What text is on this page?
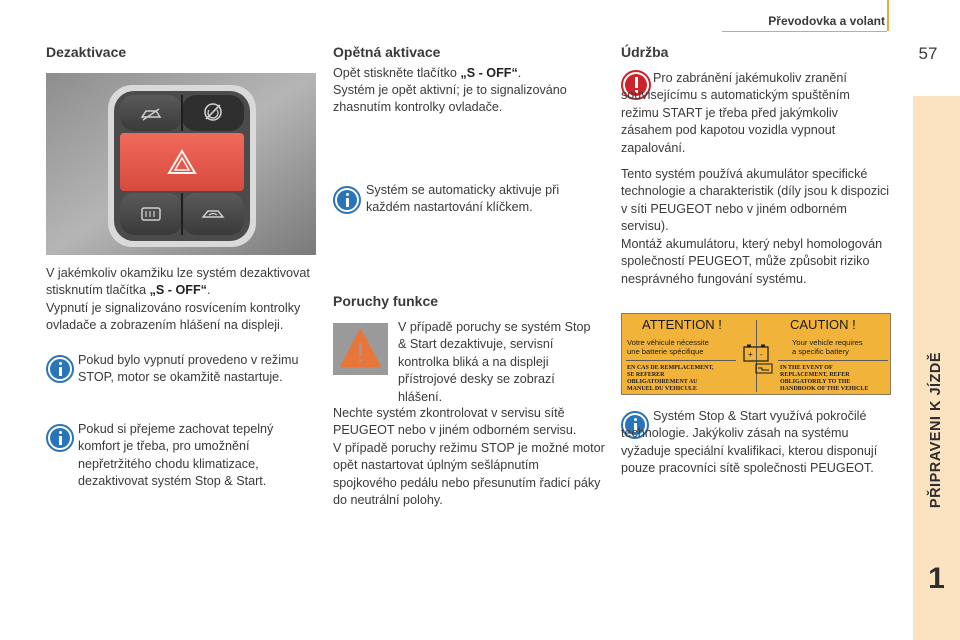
Převodovka a volant
57
PŘIPRAVENI K JÍZDĚ
1
Dezaktivace
V jakémkoliv okamžiku lze systém dezaktivovat stisknutím tlačítka „S - OFF“.
Vypnutí je signalizováno rosvícením kontrolky ovladače a zobrazením hlášení na displeji.
Pokud bylo vypnutí provedeno v režimu STOP, motor se okamžitě nastartuje.
Pokud si přejeme zachovat tepelný komfort je třeba, pro umožnění nepřetržitého chodu klimatizace, dezaktivovat systém Stop & Start.
Opětná aktivace
Opět stiskněte tlačítko „S - OFF“.
Systém je opět aktivní; je to signalizováno zhasnutím kontrolky ovladače.
Systém se automaticky aktivuje při každém nastartování klíčkem.
Poruchy funkce
V případě poruchy se systém Stop & Start dezaktivuje, servisní kontrolka bliká a na displeji přístrojové desky se zobrazí hlášení.
Nechte systém zkontrolovat v servisu sítě PEUGEOT nebo v jiném odborném servisu.
V případě poruchy režimu STOP je možné motor opět nastartovat úplným sešlápnutím spojkového pedálu nebo přesunutím řadicí páky do neutrální polohy.
Údržba
Pro zabránění jakémukoliv zranění souvisejícímu s automatickým spuštěním režimu START je třeba před jakýmkoliv zásahem pod kapotou vozidla vypnout zapalování.
Tento systém používá akumulátor specifické technologie a charakteristik (díly jsou k dispozici v síti PEUGEOT nebo v jiném odborném servisu).
Montáž akumulátoru, který nebyl homologován společností PEUGEOT, může způsobit riziko nesprávného fungování systému.
ATTENTION !	CAUTION !
Votre véhicule nécessite
une batterie spécifique
Your vehicle requires
a specific battery
+ -
EN CAS DE REMPLACEMENT,
SE REFERER
OBLIGATOIREMENT AU
MANUEL DU VEHICULE
IN THE EVENT OF
REPLACEMENT, REFER
OBLIGATORILY TO THE
HANDBOOK OF THE VEHICLE
Systém Stop & Start využívá pokročilé technologie. Jakýkoliv zásah na systému vyžaduje speciální kvalifikaci, kterou disponují pouze pracovníci sítě společnosti PEUGEOT.
